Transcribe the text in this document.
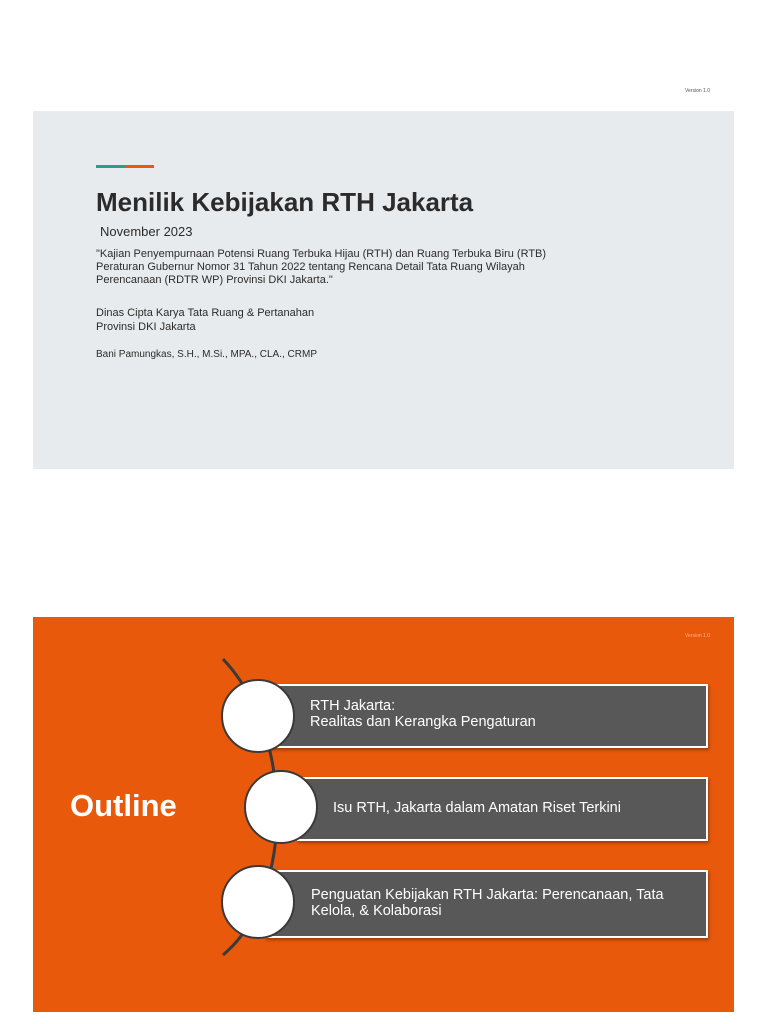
Version 1.0
Menilik Kebijakan RTH Jakarta
November 2023
"Kajian Penyempurnaan Potensi Ruang Terbuka Hijau (RTH) dan Ruang Terbuka Biru (RTB) Peraturan Gubernur Nomor 31 Tahun 2022 tentang Rencana Detail Tata Ruang Wilayah Perencanaan (RDTR WP) Provinsi DKI Jakarta."
Dinas Cipta Karya Tata Ruang & Pertanahan
Provinsi DKI Jakarta
Bani Pamungkas, S.H., M.Si., MPA., CLA., CRMP
Version 1.0
Outline
RTH Jakarta:
Realitas dan Kerangka Pengaturan
Isu RTH, Jakarta dalam Amatan Riset Terkini
Penguatan Kebijakan RTH Jakarta: Perencanaan, Tata
Kelola, & Kolaborasi
